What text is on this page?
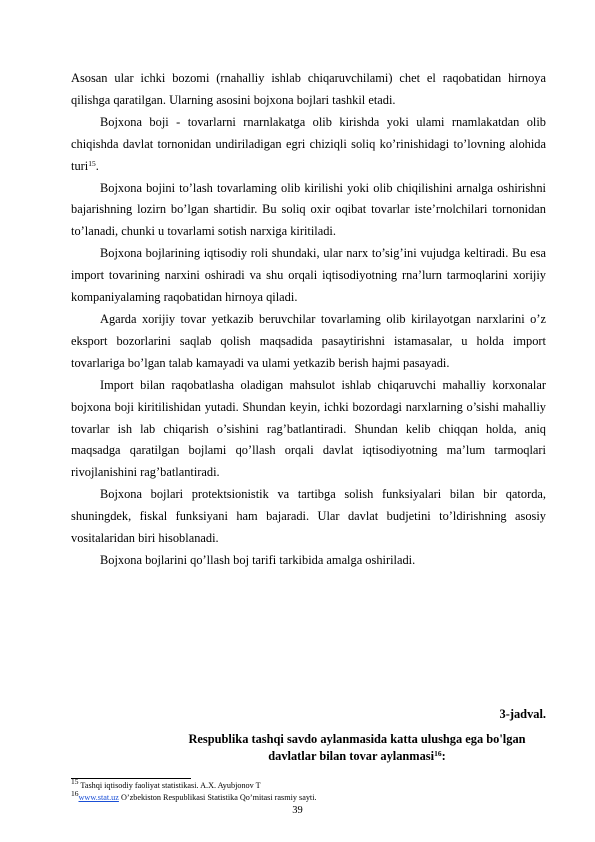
Asosan ular ichki bozomi (rnahalliy ishlab chiqaruvchilami) chet el raqobatidan hirnoya qilishga qaratilgan. Ularning asosini bojxona bojlari tashkil etadi.

Bojxona boji - tovarlarni rnarnlakatga olib kirishda yoki ulami rnamlakatdan olib chiqishda davlat tornonidan undiriladigan egri chiziqli soliq ko’rinishidagi to’lovning alohida turi$^{15}$.

Bojxona bojini to’lash tovarlaming olib kirilishi yoki olib chiqilishini arnalga oshirishni bajarishning lozirn bo’lgan shartidir. Bu soliq oxir oqibat tovarlar iste’rnolchilari tornonidan to’lanadi, chunki u tovarlami sotish narxiga kiritiladi.

Bojxona bojlarining iqtisodiy roli shundaki, ular narx to’sig’ini vujudga keltiradi. Bu esa import tovarining narxini oshiradi va shu orqali iqtisodiyotning rna’lurn tarmoqlarini xorijiy kompaniyalaming raqobatidan hirnoya qiladi.

Agarda xorijiy tovar yetkazib beruvchilar tovarlaming olib kirilayotgan narxlarini o’z eksport bozorlarini saqlab qolish maqsadida pasaytirishni istamasalar, u holda import tovarlariga bo’lgan talab kamayadi va ulami yetkazib berish hajmi pasayadi.

Import bilan raqobatlasha oladigan mahsulot ishlab chiqaruvchi mahalliy korxonalar bojxona boji kiritilishidan yutadi. Shundan keyin, ichki bozordagi narxlarning o’sishi mahalliy tovarlar ish lab chiqarish o’sishini rag’batlantiradi. Shundan kelib chiqqan holda, aniq maqsadga qaratilgan bojlami qo’llash orqali davlat iqtisodiyotning ma’lum tarmoqlari rivojlanishini rag’batlantiradi.

Bojxona bojlari protektsionistik va tartibga solish funksiyalari bilan bir qatorda, shuningdek, fiskal funksiyani ham bajaradi. Ular davlat budjetini to’ldirishning asosiy vositalaridan biri hisoblanadi.

Bojxona bojlarini qo’llash boj tarifi tarkibida amalga oshiriladi.

3-jadval.
Respublika tashqi savdo aylanmasida katta ulushga ega bo'lgan
davlatlar bilan tovar aylanmasi$^{16}$:
$^{15}$ Tashqi iqtisodiy faoliyat statistikasi. A.X. Ayubjonov T
$^{16}$www.stat.uz O’zbekiston Respublikasi Statistika Qo’mitasi rasmiy sayti.
39
